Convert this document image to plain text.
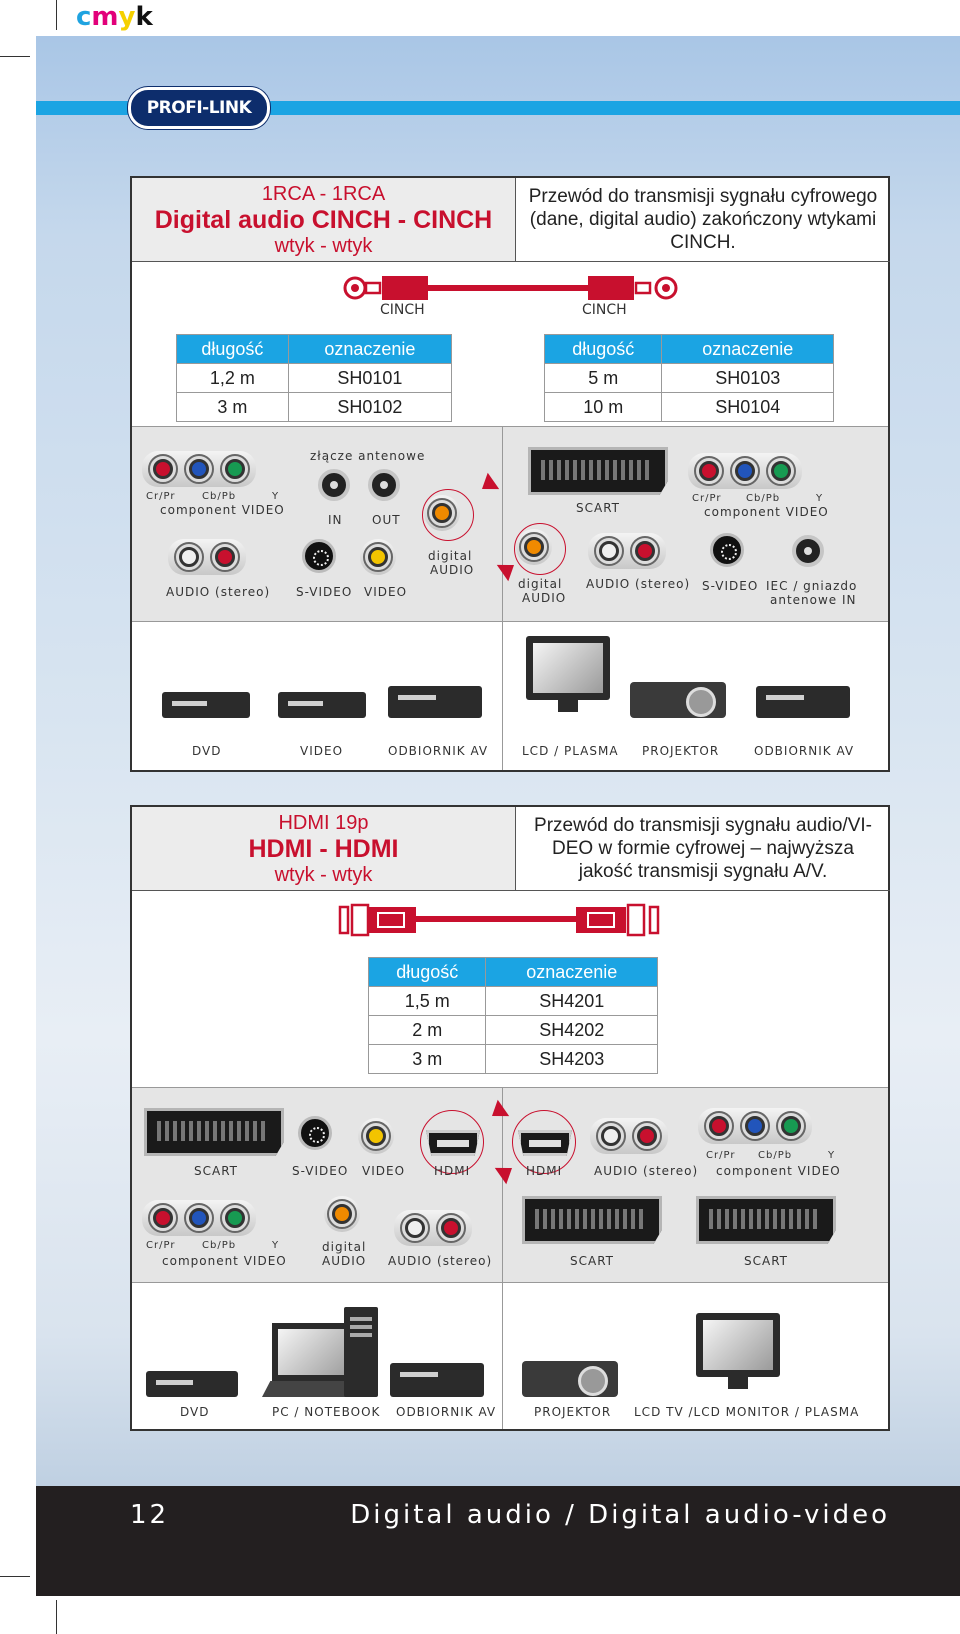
cmyk
PROFI-LINK
1RCA - 1RCA
Digital audio CINCH - CINCH
wtyk - wtyk
Przewód do transmisji sygnału cyfrowego (dane, digital audio) zakończony wtykami CINCH.
CINCH	CINCH
długość	oznaczenie
1,2 m	SH0101
3 m	SH0102
długość	oznaczenie
5 m	SH0103
10 m	SH0104
Cr/Pr	Cb/Pb	Y
component VIDEO
złącze antenowe
IN OUT
AUDIO (stereo) S-VIDEO VIDEO
digital
AUDIO
SCART
Cr/Pr Cb/Pb	Y
component VIDEO
digital
AUDIO
AUDIO (stereo) S-VIDEO IEC / gniazdo
antenowe IN
DVD	VIDEO	ODBIORNIK AV	LCD / PLASMA PROJEKTOR	ODBIORNIK AV
HDMI 19p
HDMI - HDMI
wtyk - wtyk
Przewód do transmisji sygnału audio/VI-DEO w formie cyfrowej – najwyższa jakość transmisji sygnału A/V.
długość	oznaczenie
1,5 m	SH4201
2 m	SH4202
3 m	SH4203
SCART	S-VIDEO VIDEO HDMI	HDMI	AUDIO (stereo)
Cr/Pr Cb/Pb	Y
component VIDEO
Cr/Pr	Cb/Pb	Y
component VIDEO
digital
AUDIO AUDIO (stereo)	SCART	SCART
DVD	PC / NOTEBOOK ODBIORNIK AV	PROJEKTOR LCD TV /LCD MONITOR / PLASMA
12	Digital audio / Digital audio-video
